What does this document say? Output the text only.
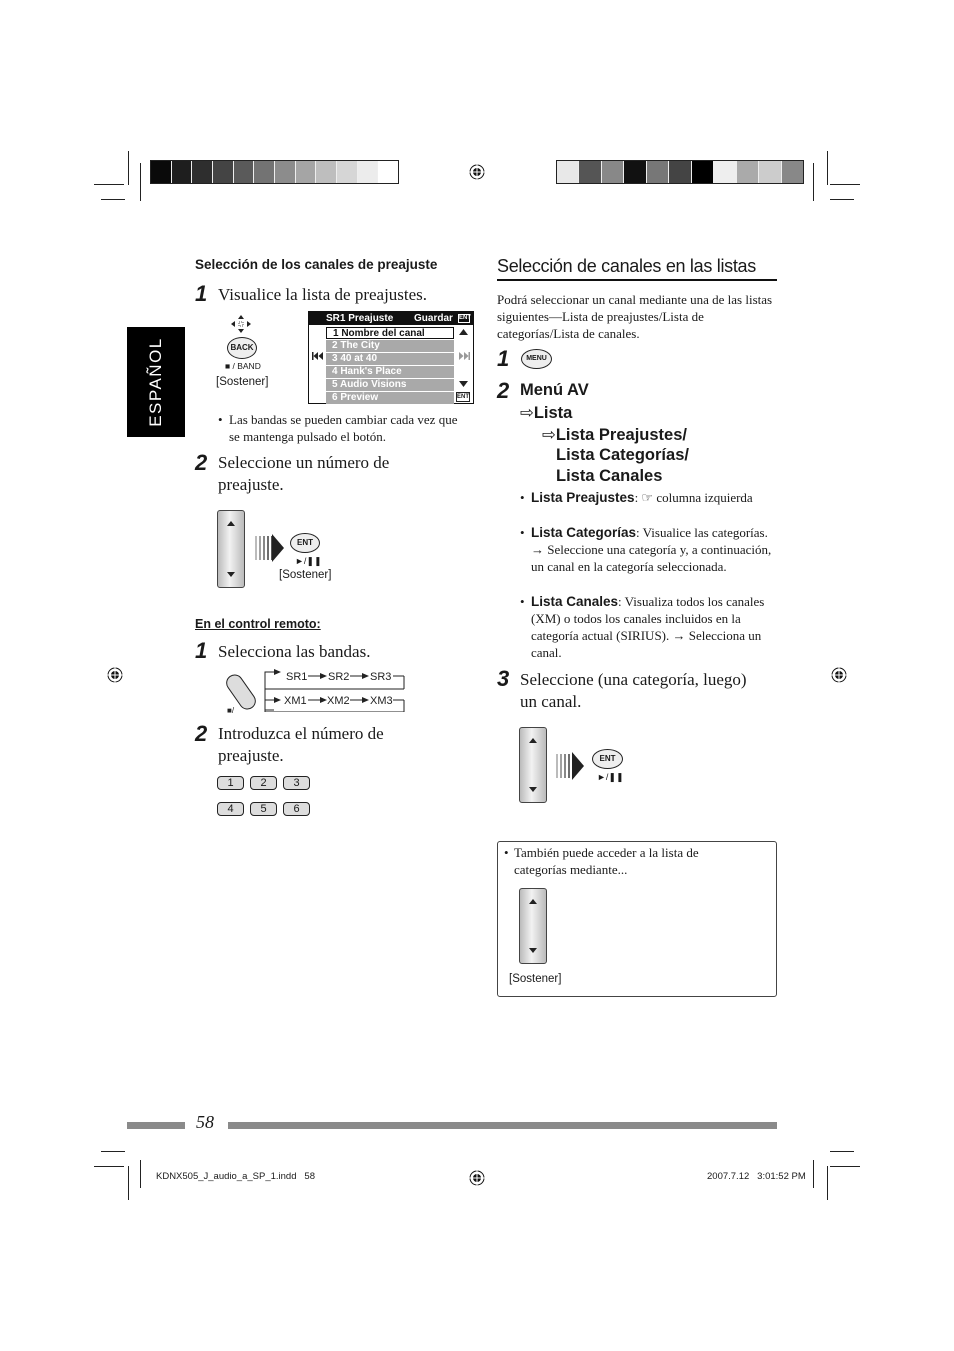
ESPAÑOL
Selección de los canales de preajuste
1 Visualice la lista de preajustes.
BACK
■ / BAND
[Sostener]
SR1 Preajuste Guardar ENT
1 Nombre del canal
2 The City
3 40 at 40
4 Hank's Place
5 Audio Visions
6 Preview	ENT
• Las bandas se pueden cambiar cada vez que se mantenga pulsado el botón.
2 Seleccione un número de preajuste.
ENT
►/❚❚
[Sostener]
En el control remoto:
1 Selecciona las bandas.
■/
SR1 SR2 SR3
XM1 XM2 XM3
2 Introduzca el número de preajuste.
1	2	3
4	5	6
Selección de canales en las listas
Podrá seleccionar un canal mediante una de las listas siguientes—Lista de preajustes/Lista de categorías/Lista de canales.
1	MENU
2 Menú AV
⇨Lista
⇨Lista Preajustes/
Lista Categorías/
Lista Canales
• Lista Preajustes: ☞ columna izquierda
• Lista Categorías: Visualice las categorías. → Seleccione una categoría y, a continuación, un canal en la categoría seleccionada.
• Lista Canales: Visualiza todos los canales (XM) o todos los canales incluidos en la categoría actual (SIRIUS). → Selecciona un canal.
3 Seleccione (una categoría, luego) un canal.
ENT
►/❚❚
• También puede acceder a la lista de categorías mediante...
[Sostener]
58
KDNX505_J_audio_a_SP_1.indd   58	2007.7.12   3:01:52 PM
